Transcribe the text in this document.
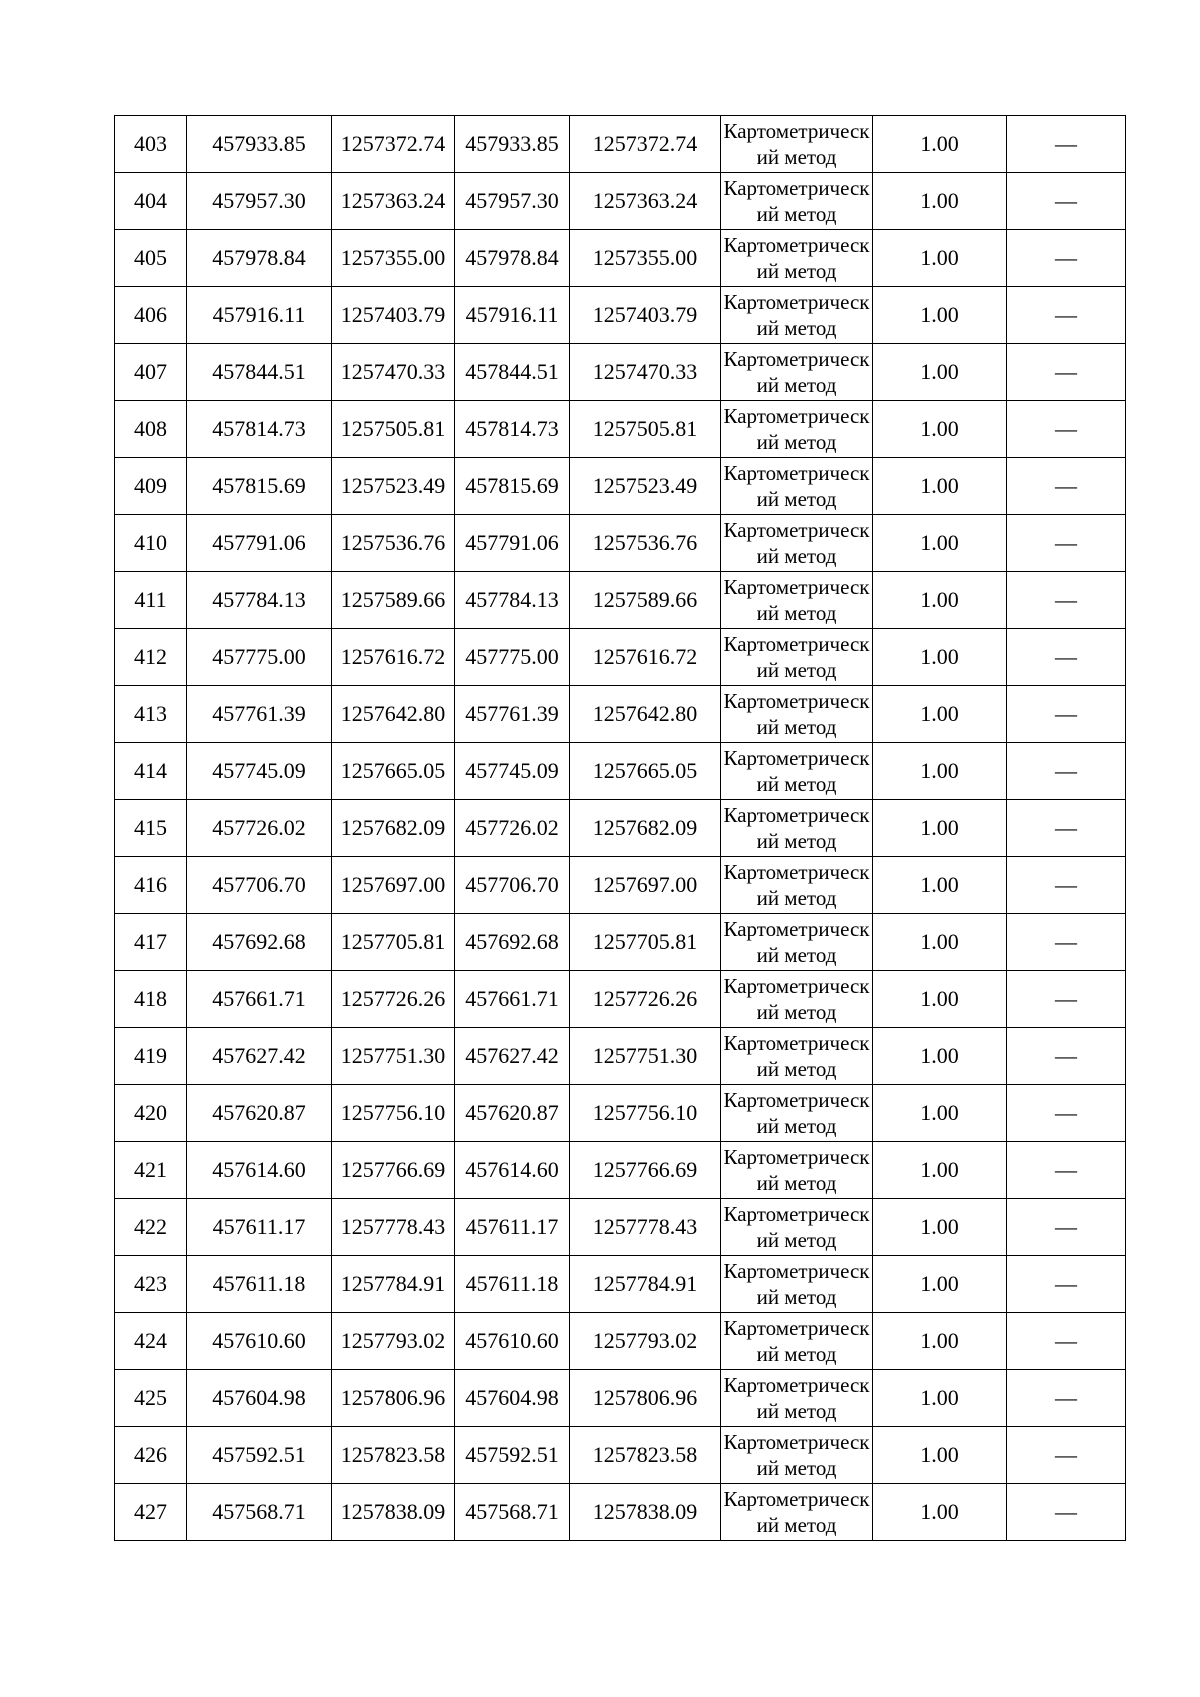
403	457933.85	1257372.74	457933.85	1257372.74	Картометрический метод	1.00	—
404	457957.30	1257363.24	457957.30	1257363.24	Картометрический метод	1.00	—
405	457978.84	1257355.00	457978.84	1257355.00	Картометрический метод	1.00	—
406	457916.11	1257403.79	457916.11	1257403.79	Картометрический метод	1.00	—
407	457844.51	1257470.33	457844.51	1257470.33	Картометрический метод	1.00	—
408	457814.73	1257505.81	457814.73	1257505.81	Картометрический метод	1.00	—
409	457815.69	1257523.49	457815.69	1257523.49	Картометрический метод	1.00	—
410	457791.06	1257536.76	457791.06	1257536.76	Картометрический метод	1.00	—
411	457784.13	1257589.66	457784.13	1257589.66	Картометрический метод	1.00	—
412	457775.00	1257616.72	457775.00	1257616.72	Картометрический метод	1.00	—
413	457761.39	1257642.80	457761.39	1257642.80	Картометрический метод	1.00	—
414	457745.09	1257665.05	457745.09	1257665.05	Картометрический метод	1.00	—
415	457726.02	1257682.09	457726.02	1257682.09	Картометрический метод	1.00	—
416	457706.70	1257697.00	457706.70	1257697.00	Картометрический метод	1.00	—
417	457692.68	1257705.81	457692.68	1257705.81	Картометрический метод	1.00	—
418	457661.71	1257726.26	457661.71	1257726.26	Картометрический метод	1.00	—
419	457627.42	1257751.30	457627.42	1257751.30	Картометрический метод	1.00	—
420	457620.87	1257756.10	457620.87	1257756.10	Картометрический метод	1.00	—
421	457614.60	1257766.69	457614.60	1257766.69	Картометрический метод	1.00	—
422	457611.17	1257778.43	457611.17	1257778.43	Картометрический метод	1.00	—
423	457611.18	1257784.91	457611.18	1257784.91	Картометрический метод	1.00	—
424	457610.60	1257793.02	457610.60	1257793.02	Картометрический метод	1.00	—
425	457604.98	1257806.96	457604.98	1257806.96	Картометрический метод	1.00	—
426	457592.51	1257823.58	457592.51	1257823.58	Картометрический метод	1.00	—
427	457568.71	1257838.09	457568.71	1257838.09	Картометрический метод	1.00	—
